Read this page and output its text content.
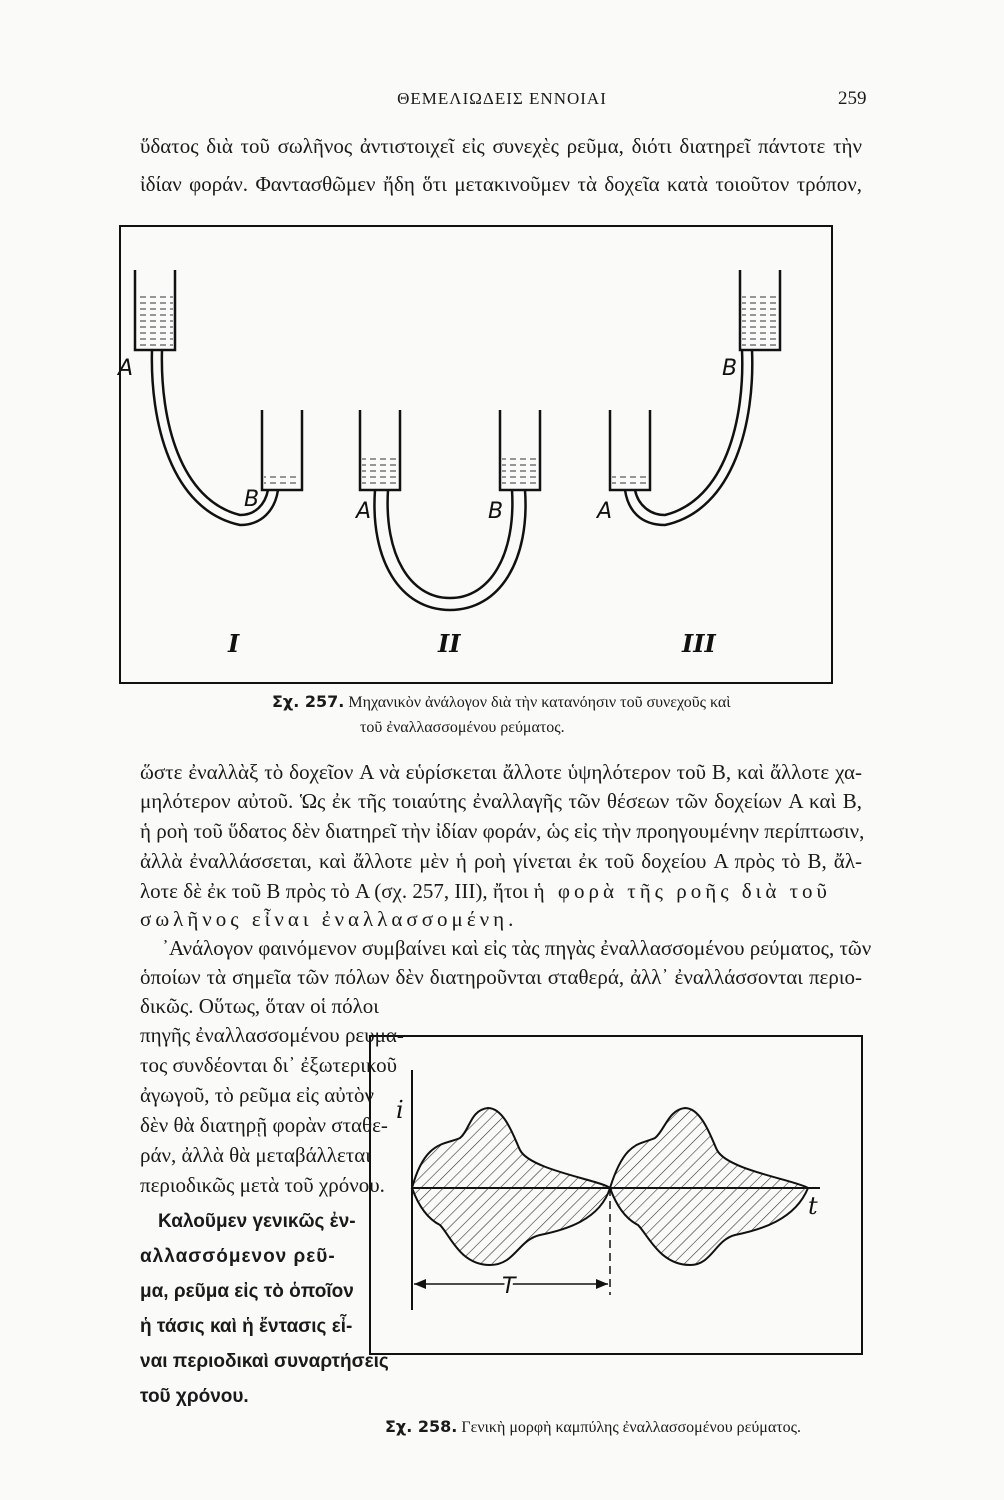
ΘΕΜΕΛΙΩΔΕΙΣ ΕΝΝΟΙΑΙ	259
ὕδατος διὰ τοῦ σωλῆνος ἀντιστοιχεῖ εἰς συνεχὲς ρεῦμα, διότι διατηρεῖ πάντοτε τὴν
ἰδίαν φοράν. Φαντασθῶμεν ἤδη ὅτι μετακινοῦμεν τὰ δοχεῖα κατὰ τοιοῦτον τρόπον,
A
B	A	B	A
B
I	II	III
Σχ. 257. Μηχανικὸν ἀνάλογον διὰ τὴν κατανόησιν τοῦ συνεχοῦς καὶ
τοῦ ἐναλλασσομένου ρεύματος.
ὥστε ἐναλλὰξ τὸ δοχεῖον A νὰ εὑρίσκεται ἄλλοτε ὑψηλότερον τοῦ B, καὶ ἄλλοτε χα-
μηλότερον αὐτοῦ. Ὡς ἐκ τῆς τοιαύτης ἐναλλαγῆς τῶν θέσεων τῶν δοχείων A καὶ B,
ἡ ροὴ τοῦ ὕδατος δὲν διατηρεῖ τὴν ἰδίαν φοράν, ὡς εἰς τὴν προηγουμένην περίπτωσιν,
ἀλλὰ ἐναλλάσσεται, καὶ ἄλλοτε μὲν ἡ ροὴ γίνεται ἐκ τοῦ δοχείου A πρὸς τὸ B, ἄλ-
λοτε δὲ ἐκ τοῦ B πρὸς τὸ A (σχ. 257, III), ἤτοι ἡ φορὰ τῆς ροῆς διὰ τοῦ
σωλῆνος εἶναι ἐναλλασσομένη.
᾿Ανάλογον φαινόμενον συμβαίνει καὶ εἰς τὰς πηγὰς ἐναλλασσομένου ρεύματος, τῶν
ὁποίων τὰ σημεῖα τῶν πόλων δὲν διατηροῦνται σταθερά, ἀλλ᾿ ἐναλλάσσονται περιο-
δικῶς. Οὕτως, ὅταν οἱ πόλοι
πηγῆς ἐναλλασσομένου ρευμα-
τος συνδέονται δι᾿ ἐξωτερικοῦ
ἀγωγοῦ, τὸ ρεῦμα εἰς αὐτὸν
δὲν θὰ διατηρῇ φορὰν σταθε-
ράν, ἀλλὰ θὰ μεταβάλλεται
περιοδικῶς μετὰ τοῦ χρόνου.
Καλοῦμεν γενικῶς ἐν-
αλλασσόμενον ρεῦ-
μα, ρεῦμα εἰς τὸ ὁποῖον
ἡ τάσις καὶ ἡ ἔντασις εἶ-
ναι περιοδικαὶ συναρτήσεις
τοῦ χρόνου.
i
t
T
Σχ. 258. Γενικὴ μορφὴ καμπύλης ἐναλλασσομένου ρεύματος.
